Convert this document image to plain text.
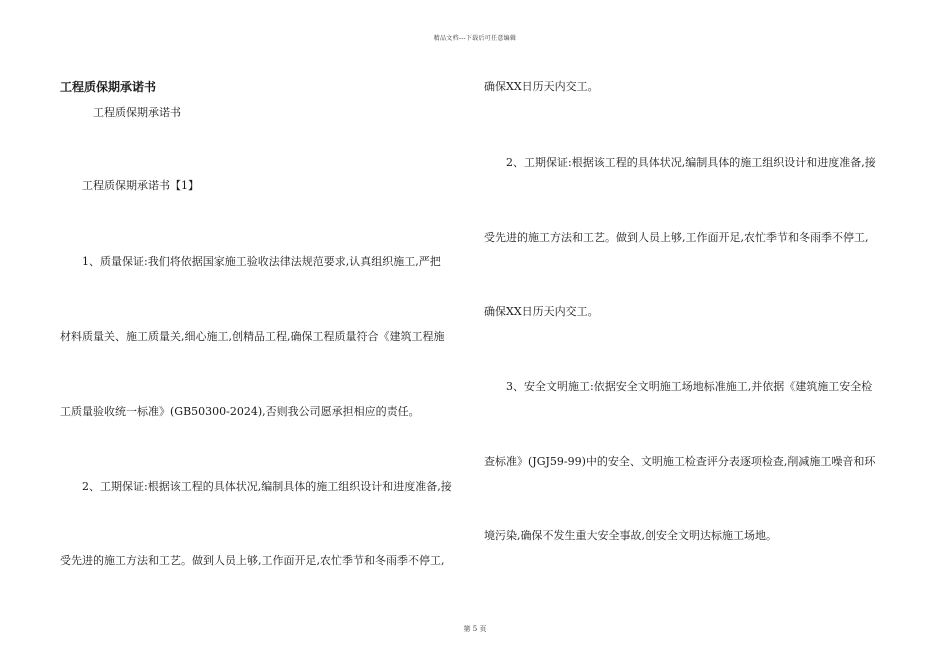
精品文档---下载后可任意编辑
工程质保期承诺书
工程质保期承诺书
工程质保期承诺书【1】
1、质量保证:我们将依据国家施工验收法律法规范要求,认真组织施工,严把
材料质量关、施工质量关,细心施工,创精品工程,确保工程质量符合《建筑工程施
工质量验收统一标准》(GB50300-2024),否则我公司愿承担相应的责任。
2、工期保证:根据该工程的具体状况,编制具体的施工组织设计和进度准备,接
受先进的施工方法和工艺。做到人员上够,工作面开足,农忙季节和冬雨季不停工,
确保XX日历天内交工。
2、工期保证:根据该工程的具体状况,编制具体的施工组织设计和进度准备,接
受先进的施工方法和工艺。做到人员上够,工作面开足,农忙季节和冬雨季不停工,
确保XX日历天内交工。
3、安全文明施工:依据安全文明施工场地标准施工,并依据《建筑施工安全检
查标准》(JGJ59-99)中的安全、文明施工检查评分表逐项检查,削减施工噪音和环
境污染,确保不发生重大安全事故,创安全文明达标施工场地。
第 5 页
